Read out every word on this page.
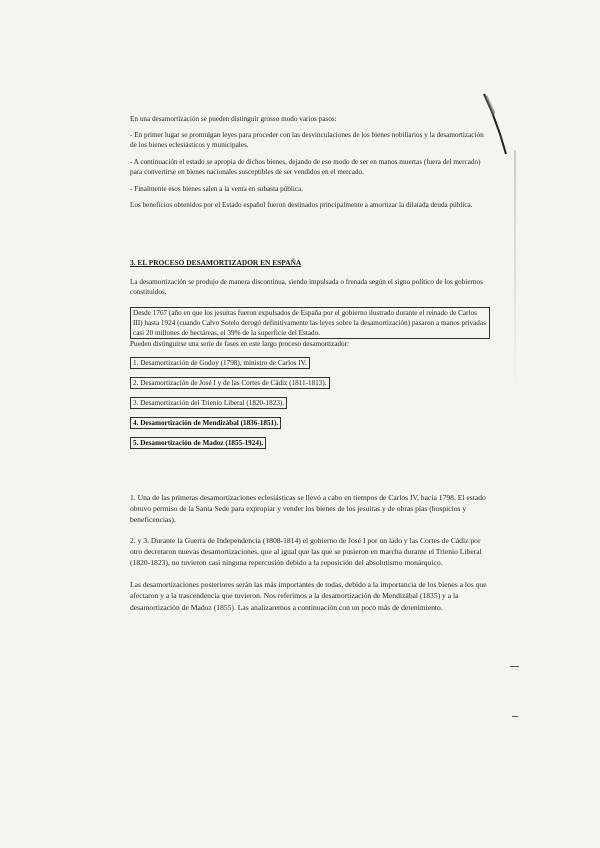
En una desamortización se pueden distinguir grosso modo varios pasos:

- En primer lugar se promulgan leyes para proceder con las desvinculaciones de los bienes nobiliarios y la desamortización de los bienes eclesiásticos y municipales.

- A continuación el estado se apropia de dichos bienes, dejando de eso modo de ser en manos muertas (fuera del mercado) para convertirse en bienes nacionales susceptibles de ser vendidos en el mercado.

- Finalmente esos bienes salen a la venta en subasta pública.

Los beneficios obtenidos por el Estado español fueron destinados principalmente a amortizar la dilatada deuda pública.

3. EL PROCESO DESAMORTIZADOR EN ESPAÑA

La desamortización se produjo de manera discontinua, siendo impulsada o frenada según el signo político de los gobiernos constituidos.

Desde 1767 (año en que los jesuitas fueron expulsados de España por el gobierno ilustrado durante el reinado de Carlos III) hasta 1924 (cuando Calvo Sotelo derogó definitivamente las leyes sobre la desamortización) pasaron a manos privadas casi 20 millones de hectáreas, el 39% de la superficie del Estado.

Pueden distinguirse una serie de fases en este largo proceso desamortizador:

1. Desamortización de Godoy (1798), ministro de Carlos IV.
2. Desamortización de José I y de las Cortes de Cádiz (1811-1813).
3. Desamortización del Trienio Liberal (1820-1823).
4. Desamortización de Mendizábal (1836-1851).
5. Desamortización de Madoz (1855-1924).

1. Una de las primeras desamortizaciones eclesiásticas se llevó a cabo en tiempos de Carlos IV, hacia 1798. El estado obtuvo permiso de la Santa Sede para expropiar y vender los bienes de los jesuitas y de obras pías (hospicios y beneficencias).

2. y 3. Durante la Guerra de Independencia (1808-1814) el gobierno de José I por un lado y las Cortes de Cádiz por otro decretaron nuevas desamortizaciones, que al igual que las que se pusieron en marcha durante el Trienio Liberal (1820-1823), no tuvieron casi ninguna repercusión debido a la reposición del absolutismo monárquico.

Las desamortizaciones posteriores serán las más importantes de todas, debido a la importancia de los bienes a los que afectaron y a la trascendencia que tuvieron. Nos referimos a la desamortización de Mendizábal (1835) y a la desamortización de Madoz (1855). Las analizaremos a continuación con un poco más de detenimiento.
